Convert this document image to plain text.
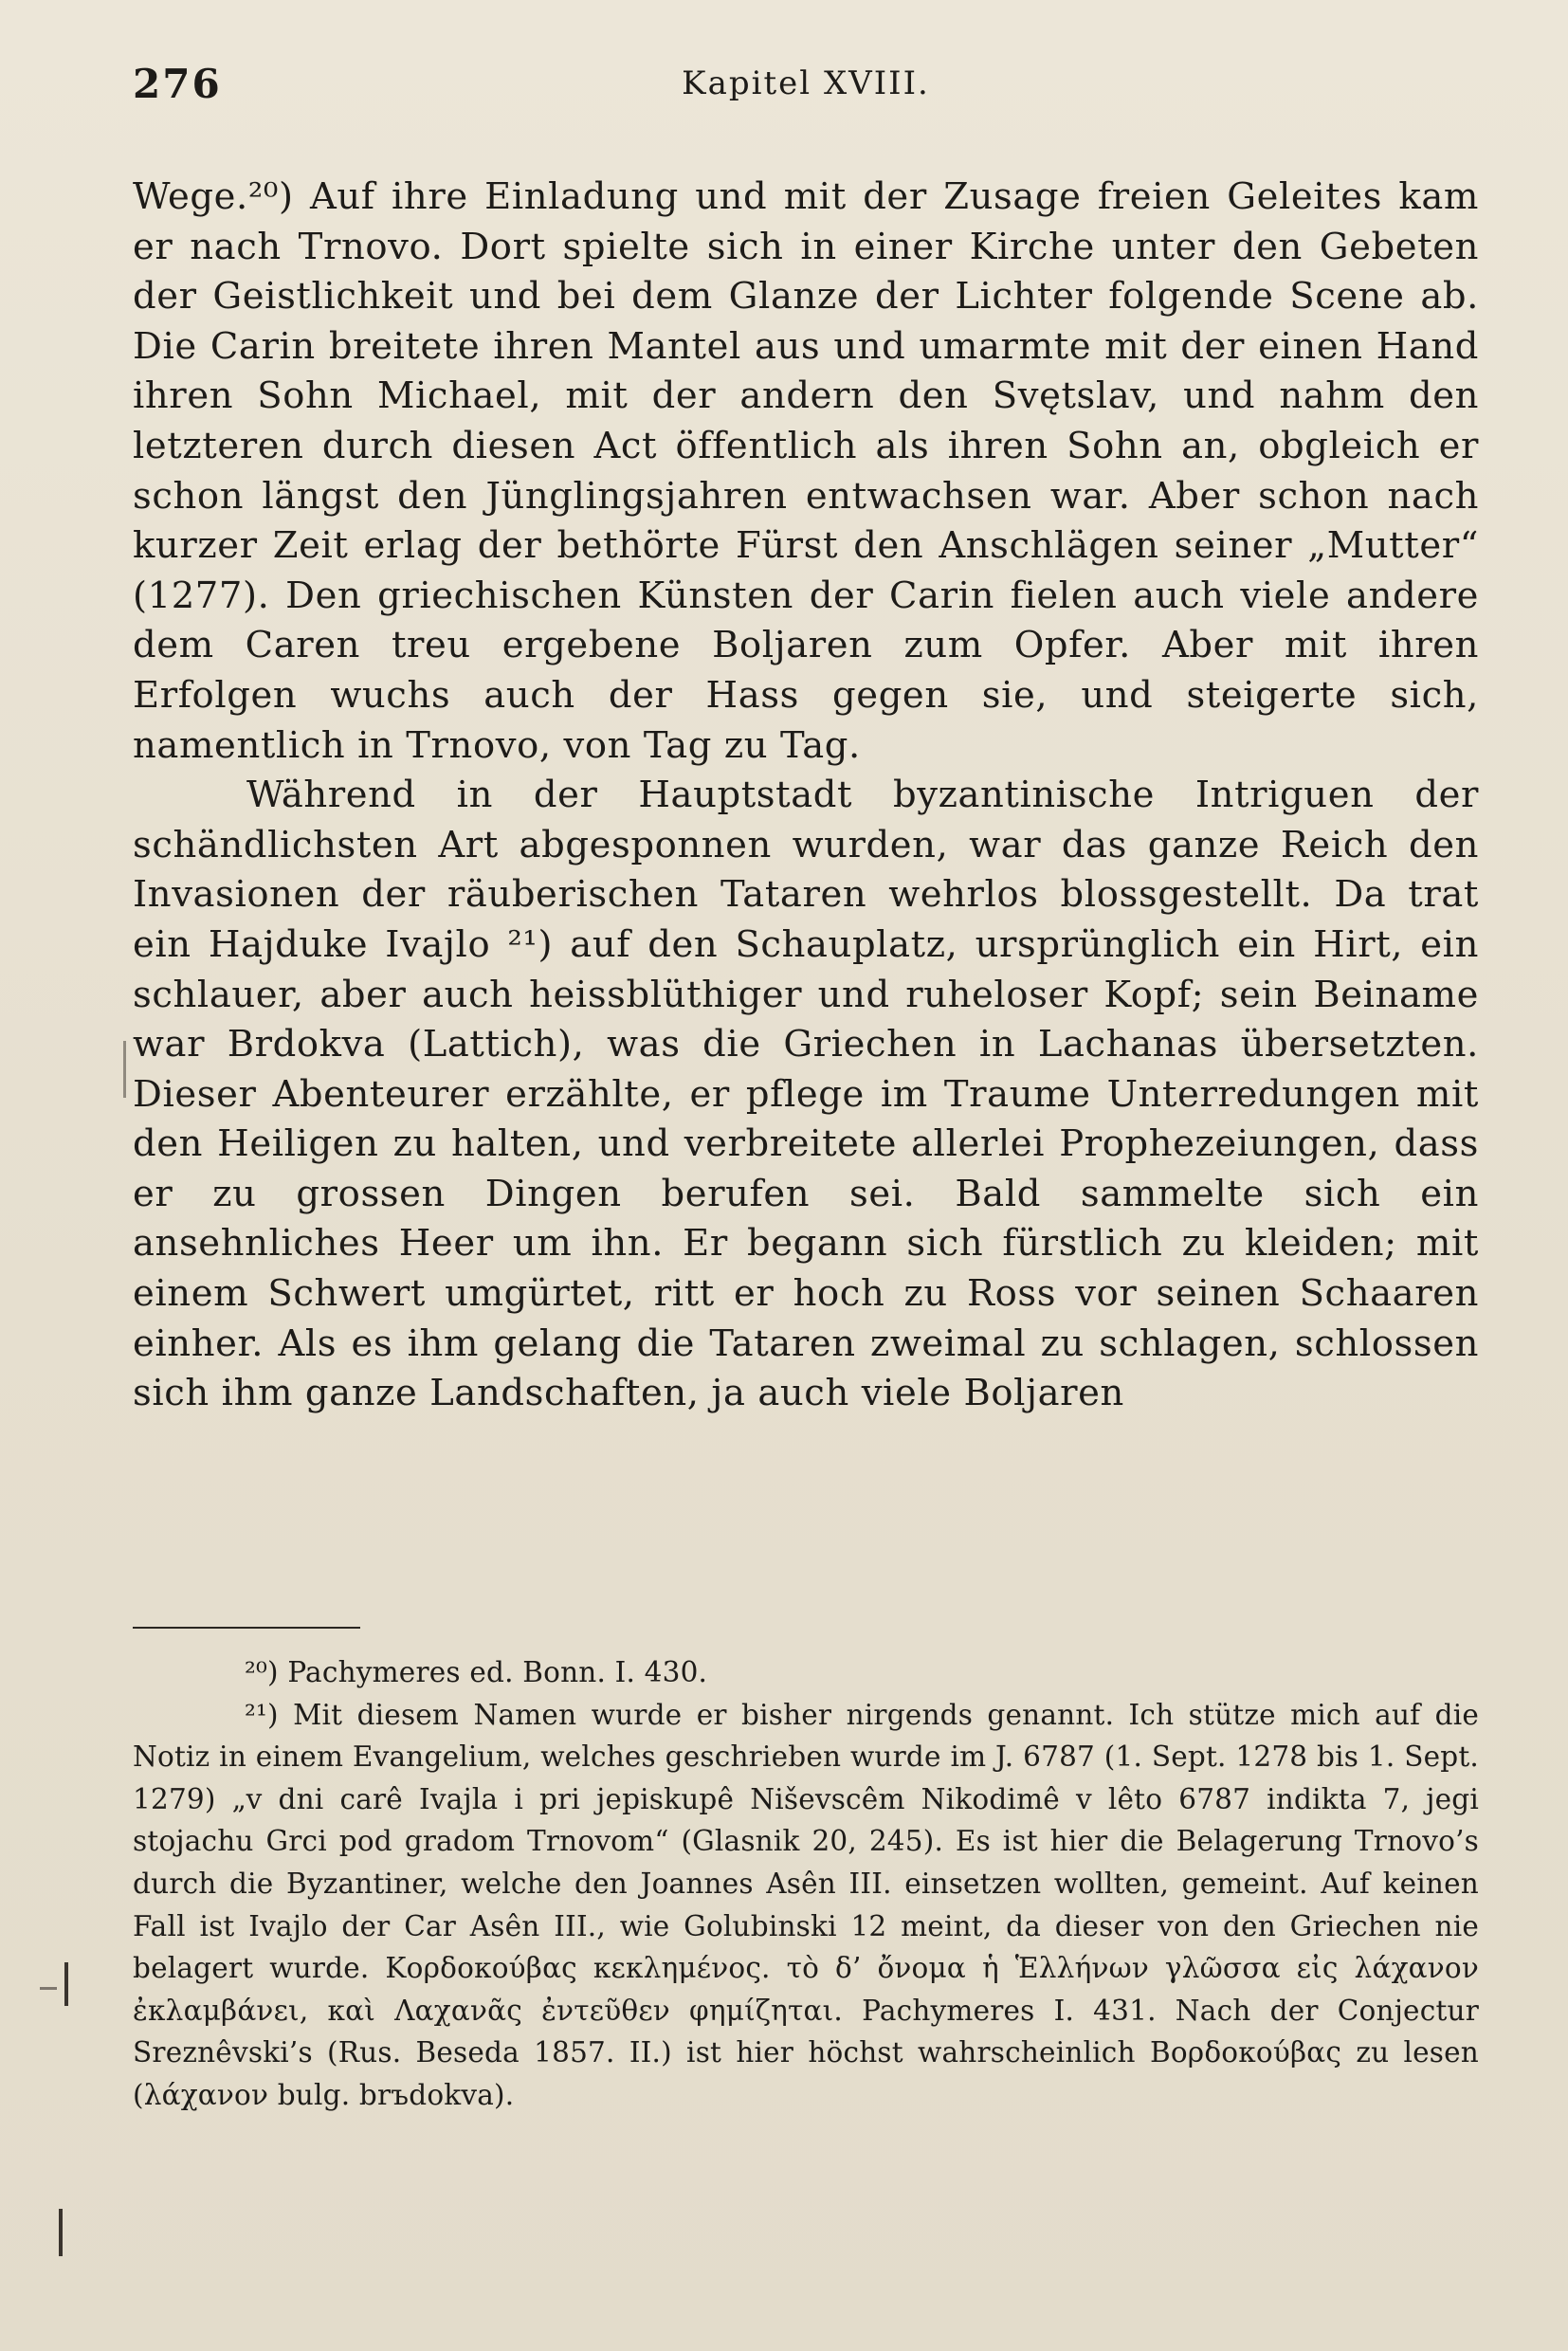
276	Kapitel XVIII.

Wege.²⁰) Auf ihre Einladung und mit der Zusage freien Geleites kam er nach Trnovo. Dort spielte sich in einer Kirche unter den Gebeten der Geistlichkeit und bei dem Glanze der Lichter folgende Scene ab. Die Carin breitete ihren Mantel aus und umarmte mit der einen Hand ihren Sohn Michael, mit der andern den Svętslav, und nahm den letzteren durch diesen Act öffentlich als ihren Sohn an, obgleich er schon längst den Jünglingsjahren entwachsen war. Aber schon nach kurzer Zeit erlag der bethörte Fürst den Anschlägen seiner „Mutter“ (1277). Den griechischen Künsten der Carin fielen auch viele andere dem Caren treu ergebene Boljaren zum Opfer. Aber mit ihren Erfolgen wuchs auch der Hass gegen sie, und steigerte sich, namentlich in Trnovo, von Tag zu Tag.

Während in der Hauptstadt byzantinische Intriguen der schändlichsten Art abgesponnen wurden, war das ganze Reich den Invasionen der räuberischen Tataren wehrlos blossgestellt. Da trat ein Hajduke Ivajlo ²¹) auf den Schauplatz, ursprünglich ein Hirt, ein schlauer, aber auch heissblüthiger und ruheloser Kopf; sein Beiname war Brdokva (Lattich), was die Griechen in Lachanas übersetzten. Dieser Abenteurer erzählte, er pflege im Traume Unterredungen mit den Heiligen zu halten, und verbreitete allerlei Prophezeiungen, dass er zu grossen Dingen berufen sei. Bald sammelte sich ein ansehnliches Heer um ihn. Er begann sich fürstlich zu kleiden; mit einem Schwert umgürtet, ritt er hoch zu Ross vor seinen Schaaren einher. Als es ihm gelang die Tataren zweimal zu schlagen, schlossen sich ihm ganze Landschaften, ja auch viele Boljaren

²⁰) Pachymeres ed. Bonn. I. 430.

²¹) Mit diesem Namen wurde er bisher nirgends genannt. Ich stütze mich auf die Notiz in einem Evangelium, welches geschrieben wurde im J. 6787 (1. Sept. 1278 bis 1. Sept. 1279) „v dni carê Ivajla i pri jepiskupê Niševscêm Nikodimê v lêto 6787 indikta 7, jegi stojachu Grci pod gradom Trnovom“ (Glasnik 20, 245). Es ist hier die Belagerung Trnovo’s durch die Byzantiner, welche den Joannes Asên III. einsetzen wollten, gemeint. Auf keinen Fall ist Ivajlo der Car Asên III., wie Golubinski 12 meint, da dieser von den Griechen nie belagert wurde. Κορδοκούβας κεκλημένος. τὸ δ’ ὄνομα ἡ Ἑλλήνων γλῶσσα εἰς λάχανον ἐκλαμβάνει, καὶ Λαχανᾶς ἐντεῦθεν φημίζηται. Pachymeres I. 431. Nach der Conjectur Sreznêvski’s (Rus. Beseda 1857. II.) ist hier höchst wahrscheinlich Βορδοκούβας zu lesen (λάχανον bulg. brъdokva).
